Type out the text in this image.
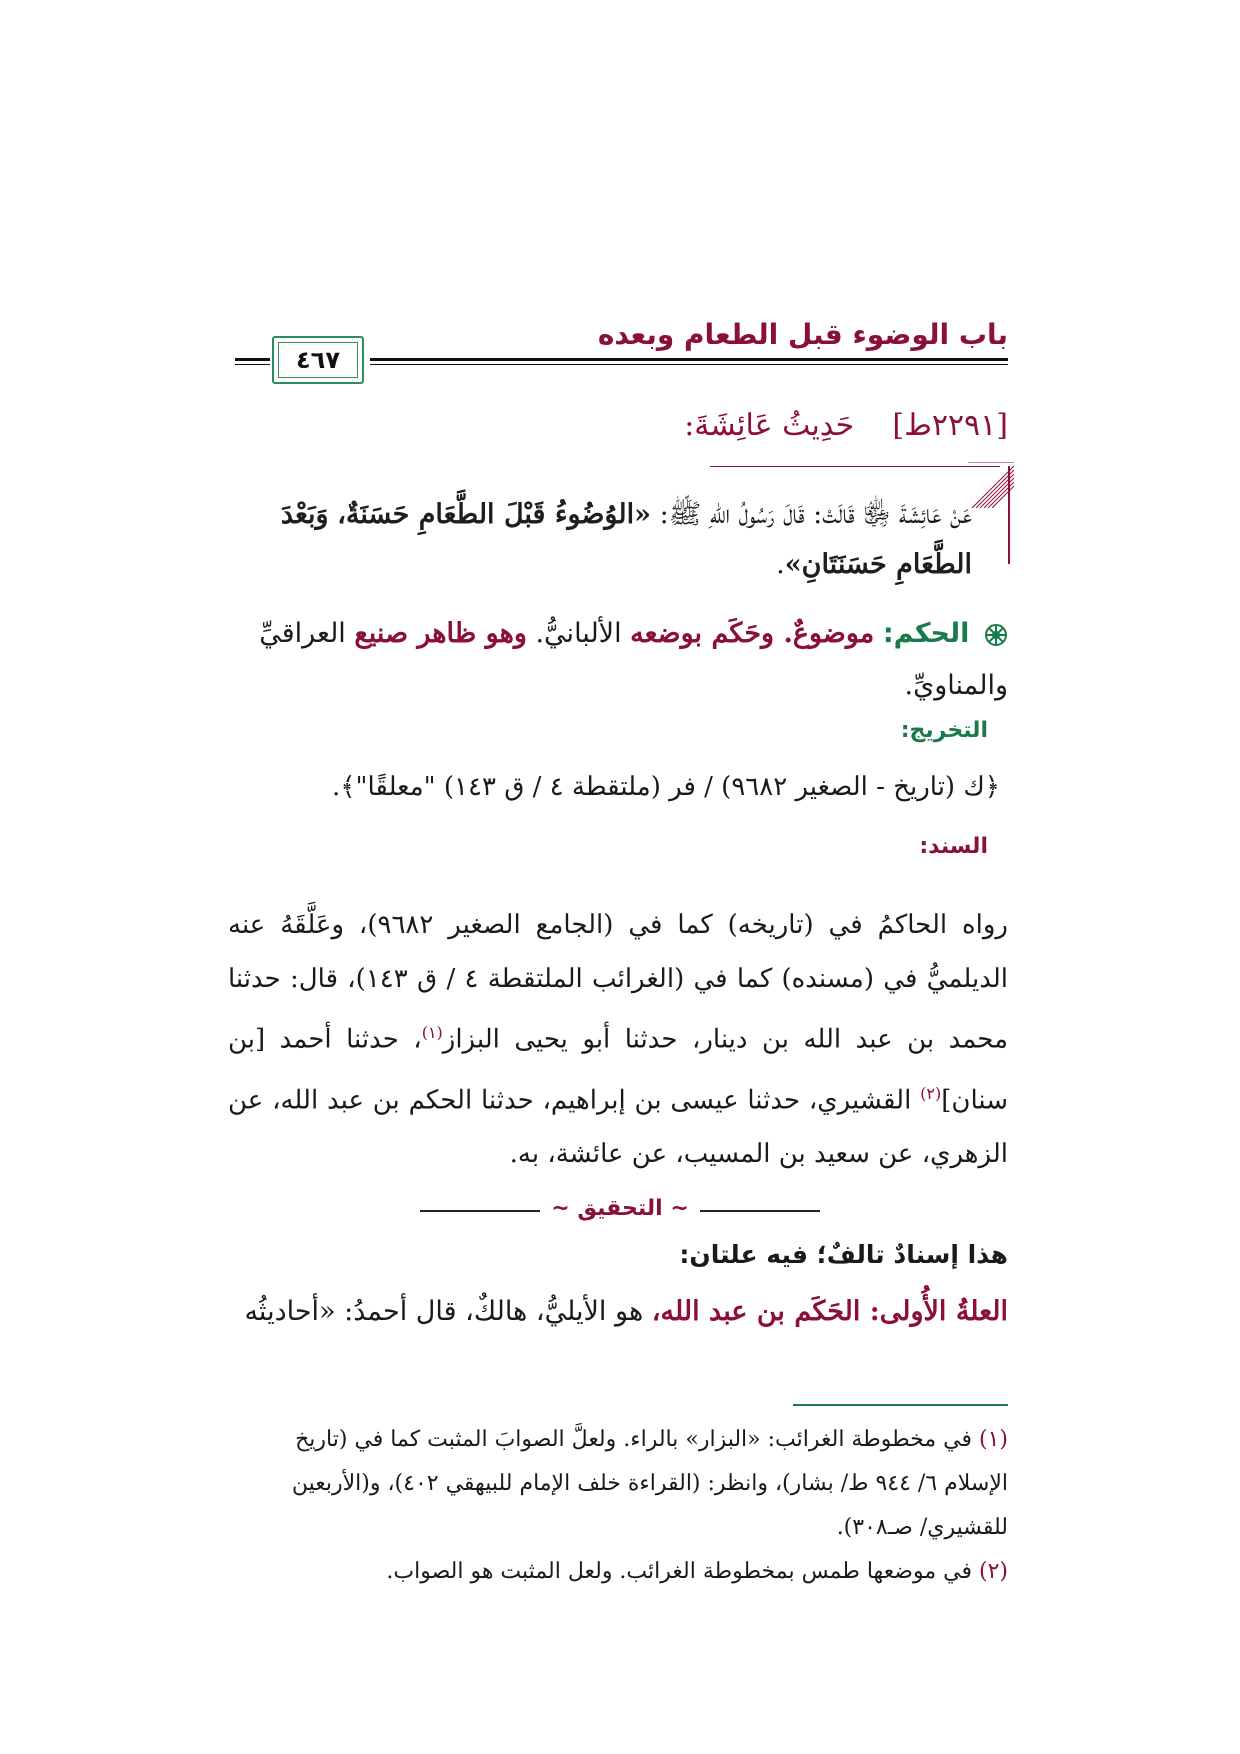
باب الوضوء قبل الطعام وبعده
٤٦٧
[٢٢٩١ط]   حَدِيثُ عَائِشَةَ:
عَنْ عَائِشَةَ ﵂ قَالَتْ: قَالَ رَسُولُ اللهِ ﷺ: «الوُضُوءُ قَبْلَ الطَّعَامِ حَسَنَةٌ، وَبَعْدَ الطَّعَامِ حَسَنَتَانِ».
الحكم: موضوعٌ. وحَكَم بوضعه الألبانيُّ. وهو ظاهر صنيع العراقيِّ والمناويِّ.
التخريج:
﴿ك (تاريخ - الصغير ٩٦٨٢) / فر (ملتقطة ٤ / ق ١٤٣) "معلقًا"﴾.
السند:
رواه الحاكمُ في (تاريخه) كما في (الجامع الصغير ٩٦٨٢)، وعَلَّقَهُ عنه الديلميُّ في (مسنده) كما في (الغرائب الملتقطة ٤ / ق ١٤٣)، قال: حدثنا محمد بن عبد الله بن دينار، حدثنا أبو يحيى البزاز$^{(١)}$، حدثنا أحمد [بن سنان]$^{(٢)}$ القشيري، حدثنا عيسى بن إبراهيم، حدثنا الحكم بن عبد الله، عن الزهري، عن سعيد بن المسيب، عن عائشة، به.
~ التحقيق ~
هذا إسنادٌ تالفٌ؛ فيه علتان:
العلةُ الأُولى: الحَكَم بن عبد الله، هو الأيليُّ، هالكٌ، قال أحمدُ: «أحاديثُه

(١) في مخطوطة الغرائب: «البزار» بالراء. ولعلَّ الصوابَ المثبت كما في (تاريخ الإسلام ٦/ ٩٤٤ ط/ بشار)، وانظر: (القراءة خلف الإمام للبيهقي ٤٠٢)، و(الأربعين للقشيري/ صـ٣٠٨).

(٢) في موضعها طمس بمخطوطة الغرائب. ولعل المثبت هو الصواب.
